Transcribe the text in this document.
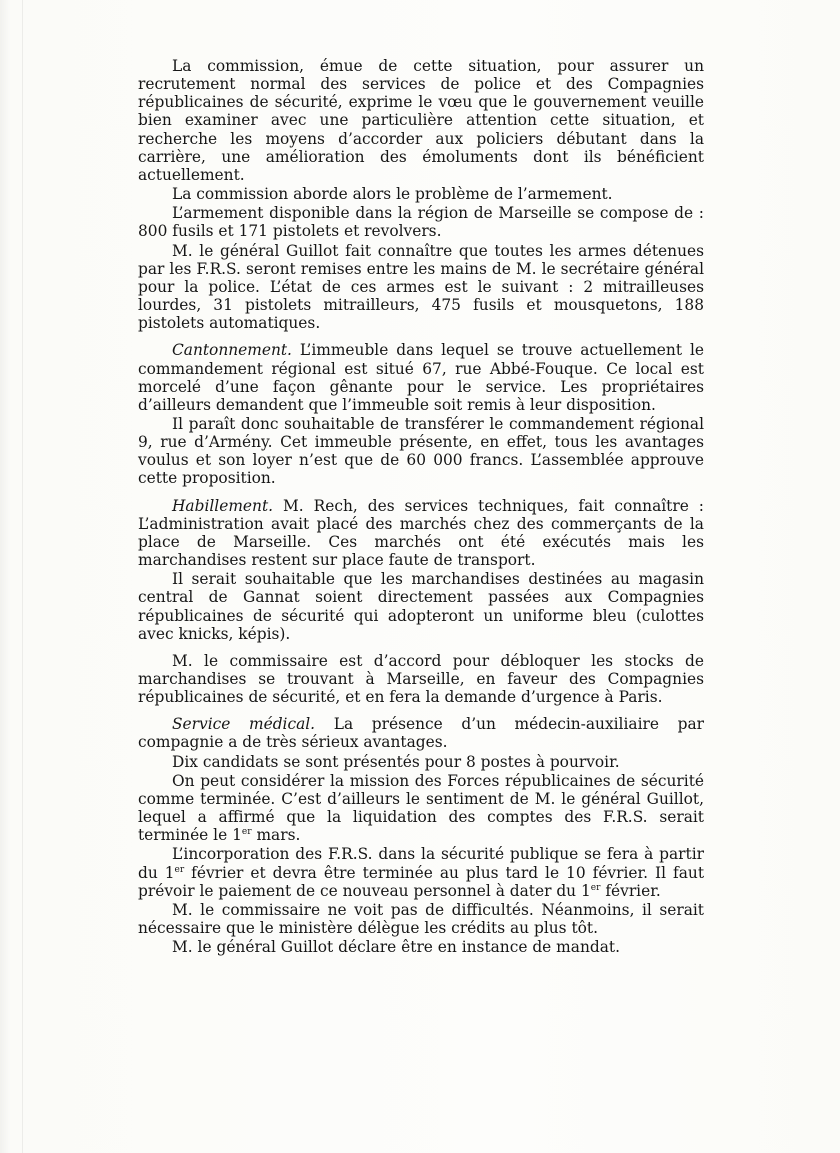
La commission, émue de cette situation, pour assurer un recrutement normal des services de police et des Compagnies républicaines de sécurité, exprime le vœu que le gouvernement veuille bien examiner avec une particulière attention cette situation, et recherche les moyens d’accorder aux policiers débutant dans la carrière, une amélioration des émoluments dont ils bénéficient actuellement.

La commission aborde alors le problème de l’armement.

L’armement disponible dans la région de Marseille se compose de : 800 fusils et 171 pistolets et revolvers.

M. le général Guillot fait connaître que toutes les armes détenues par les F.R.S. seront remises entre les mains de M. le secrétaire général pour la police. L’état de ces armes est le suivant : 2 mitrailleuses lourdes, 31 pistolets mitrailleurs, 475 fusils et mousquetons, 188 pistolets automatiques.

Cantonnement. L’immeuble dans lequel se trouve actuellement le commandement régional est situé 67, rue Abbé-Fouque. Ce local est morcelé d’une façon gênante pour le service. Les propriétaires d’ailleurs demandent que l’immeuble soit remis à leur disposition.

Il paraît donc souhaitable de transférer le commandement régional 9, rue d’Armény. Cet immeuble présente, en effet, tous les avantages voulus et son loyer n’est que de 60 000 francs. L’assemblée approuve cette proposition.

Habillement. M. Rech, des services techniques, fait connaître : L’administration avait placé des marchés chez des commerçants de la place de Marseille. Ces marchés ont été exécutés mais les marchandises restent sur place faute de transport.

Il serait souhaitable que les marchandises destinées au magasin central de Gannat soient directement passées aux Compagnies républicaines de sécurité qui adopteront un uniforme bleu (culottes avec knicks, képis).

M. le commissaire est d’accord pour débloquer les stocks de marchandises se trouvant à Marseille, en faveur des Compagnies républicaines de sécurité, et en fera la demande d’urgence à Paris.

Service médical. La présence d’un médecin-auxiliaire par compagnie a de très sérieux avantages.

Dix candidats se sont présentés pour 8 postes à pourvoir.

On peut considérer la mission des Forces républicaines de sécurité comme terminée. C’est d’ailleurs le sentiment de M. le général Guillot, lequel a affirmé que la liquidation des comptes des F.R.S. serait terminée le 1er mars.

L’incorporation des F.R.S. dans la sécurité publique se fera à partir du 1er février et devra être terminée au plus tard le 10 février. Il faut prévoir le paiement de ce nouveau personnel à dater du 1er février.

M. le commissaire ne voit pas de difficultés. Néanmoins, il serait nécessaire que le ministère délègue les crédits au plus tôt.

M. le général Guillot déclare être en instance de mandat.
